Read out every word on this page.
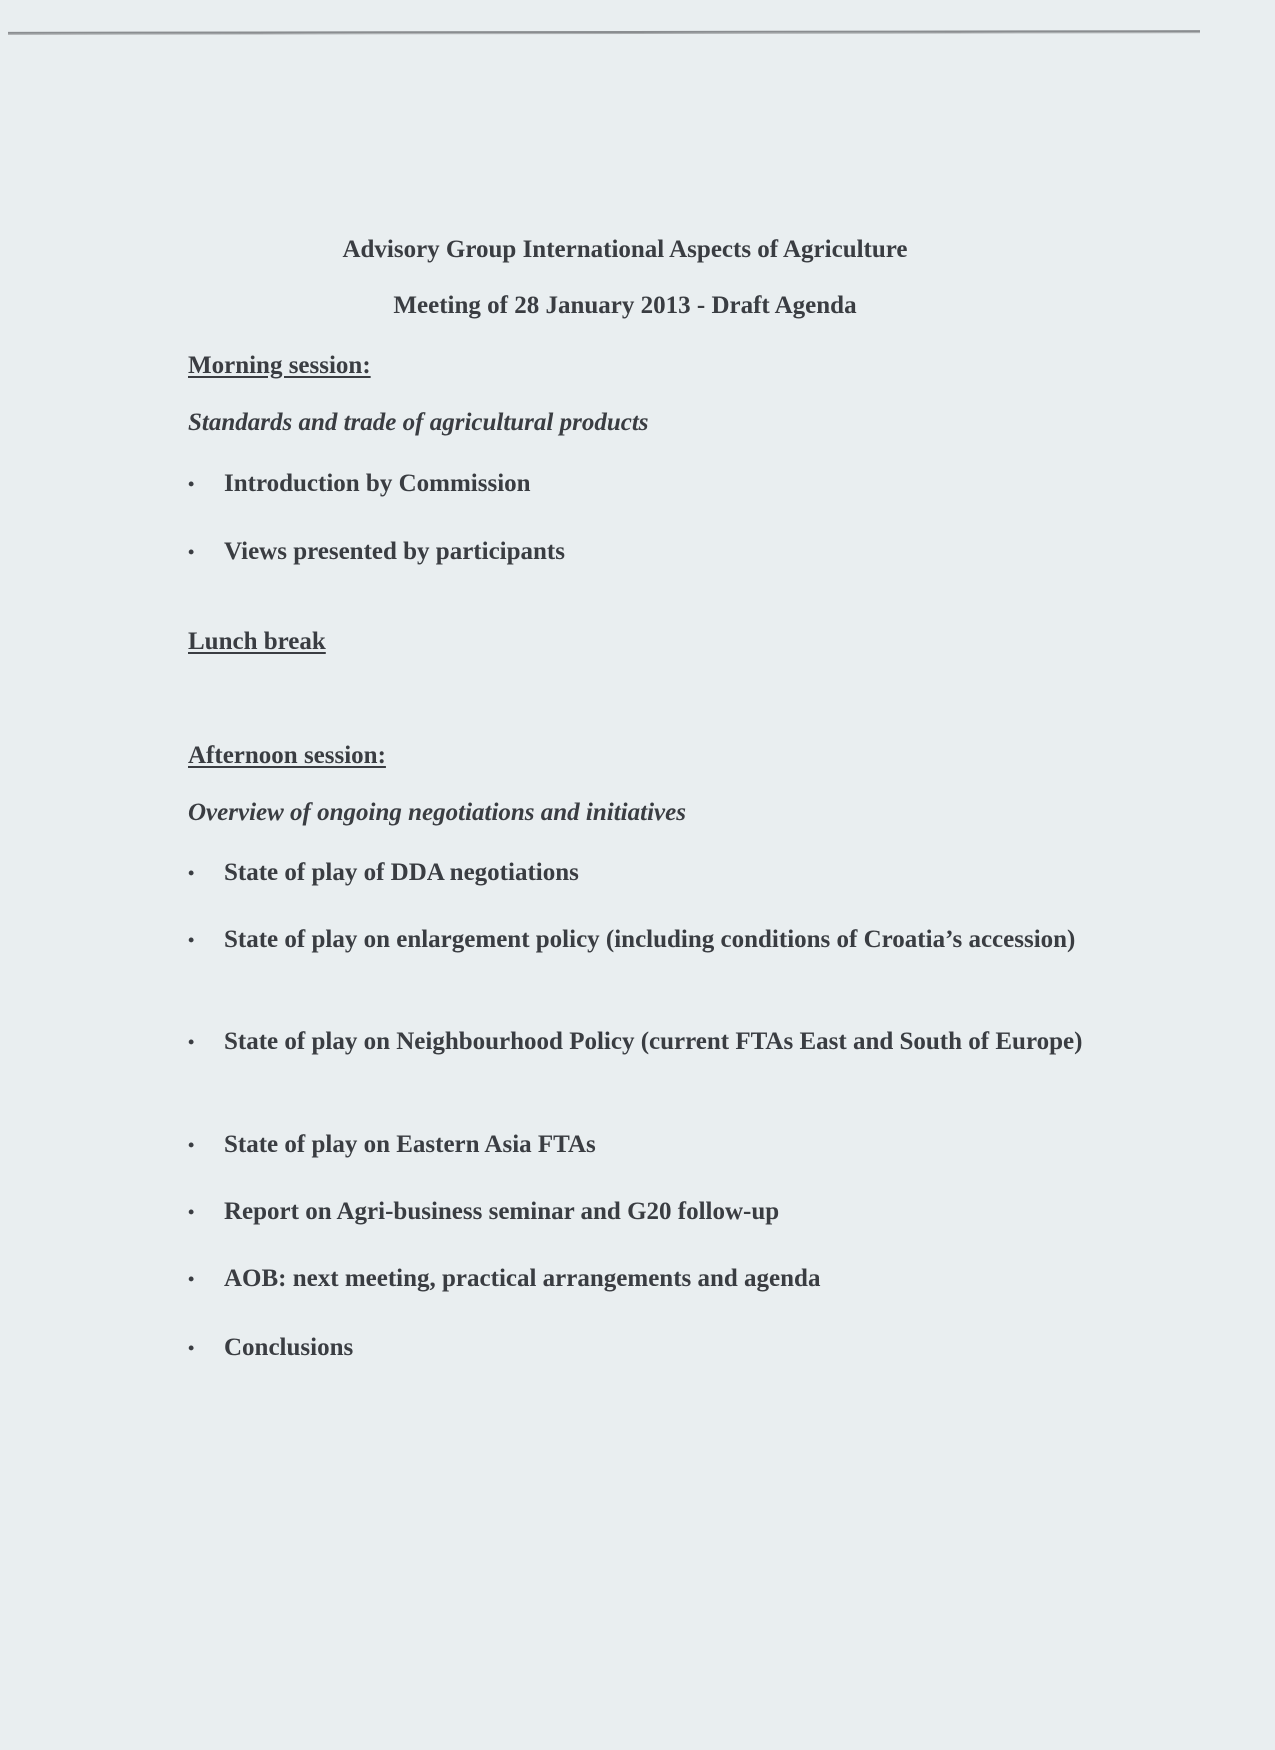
Advisory Group International Aspects of Agriculture
Meeting of 28 January 2013 - Draft Agenda
Morning session:
Standards and trade of agricultural products
•	Introduction by Commission
•	Views presented by participants
Lunch break
Afternoon session:
Overview of ongoing negotiations and initiatives
•	State of play of DDA negotiations
•	State of play on enlargement policy (including conditions of Croatia’s accession)
•	State of play on Neighbourhood Policy (current FTAs East and South of Europe)
•	State of play on Eastern Asia FTAs
•	Report on Agri-business seminar and G20 follow-up
•	AOB: next meeting, practical arrangements and agenda
•	Conclusions
